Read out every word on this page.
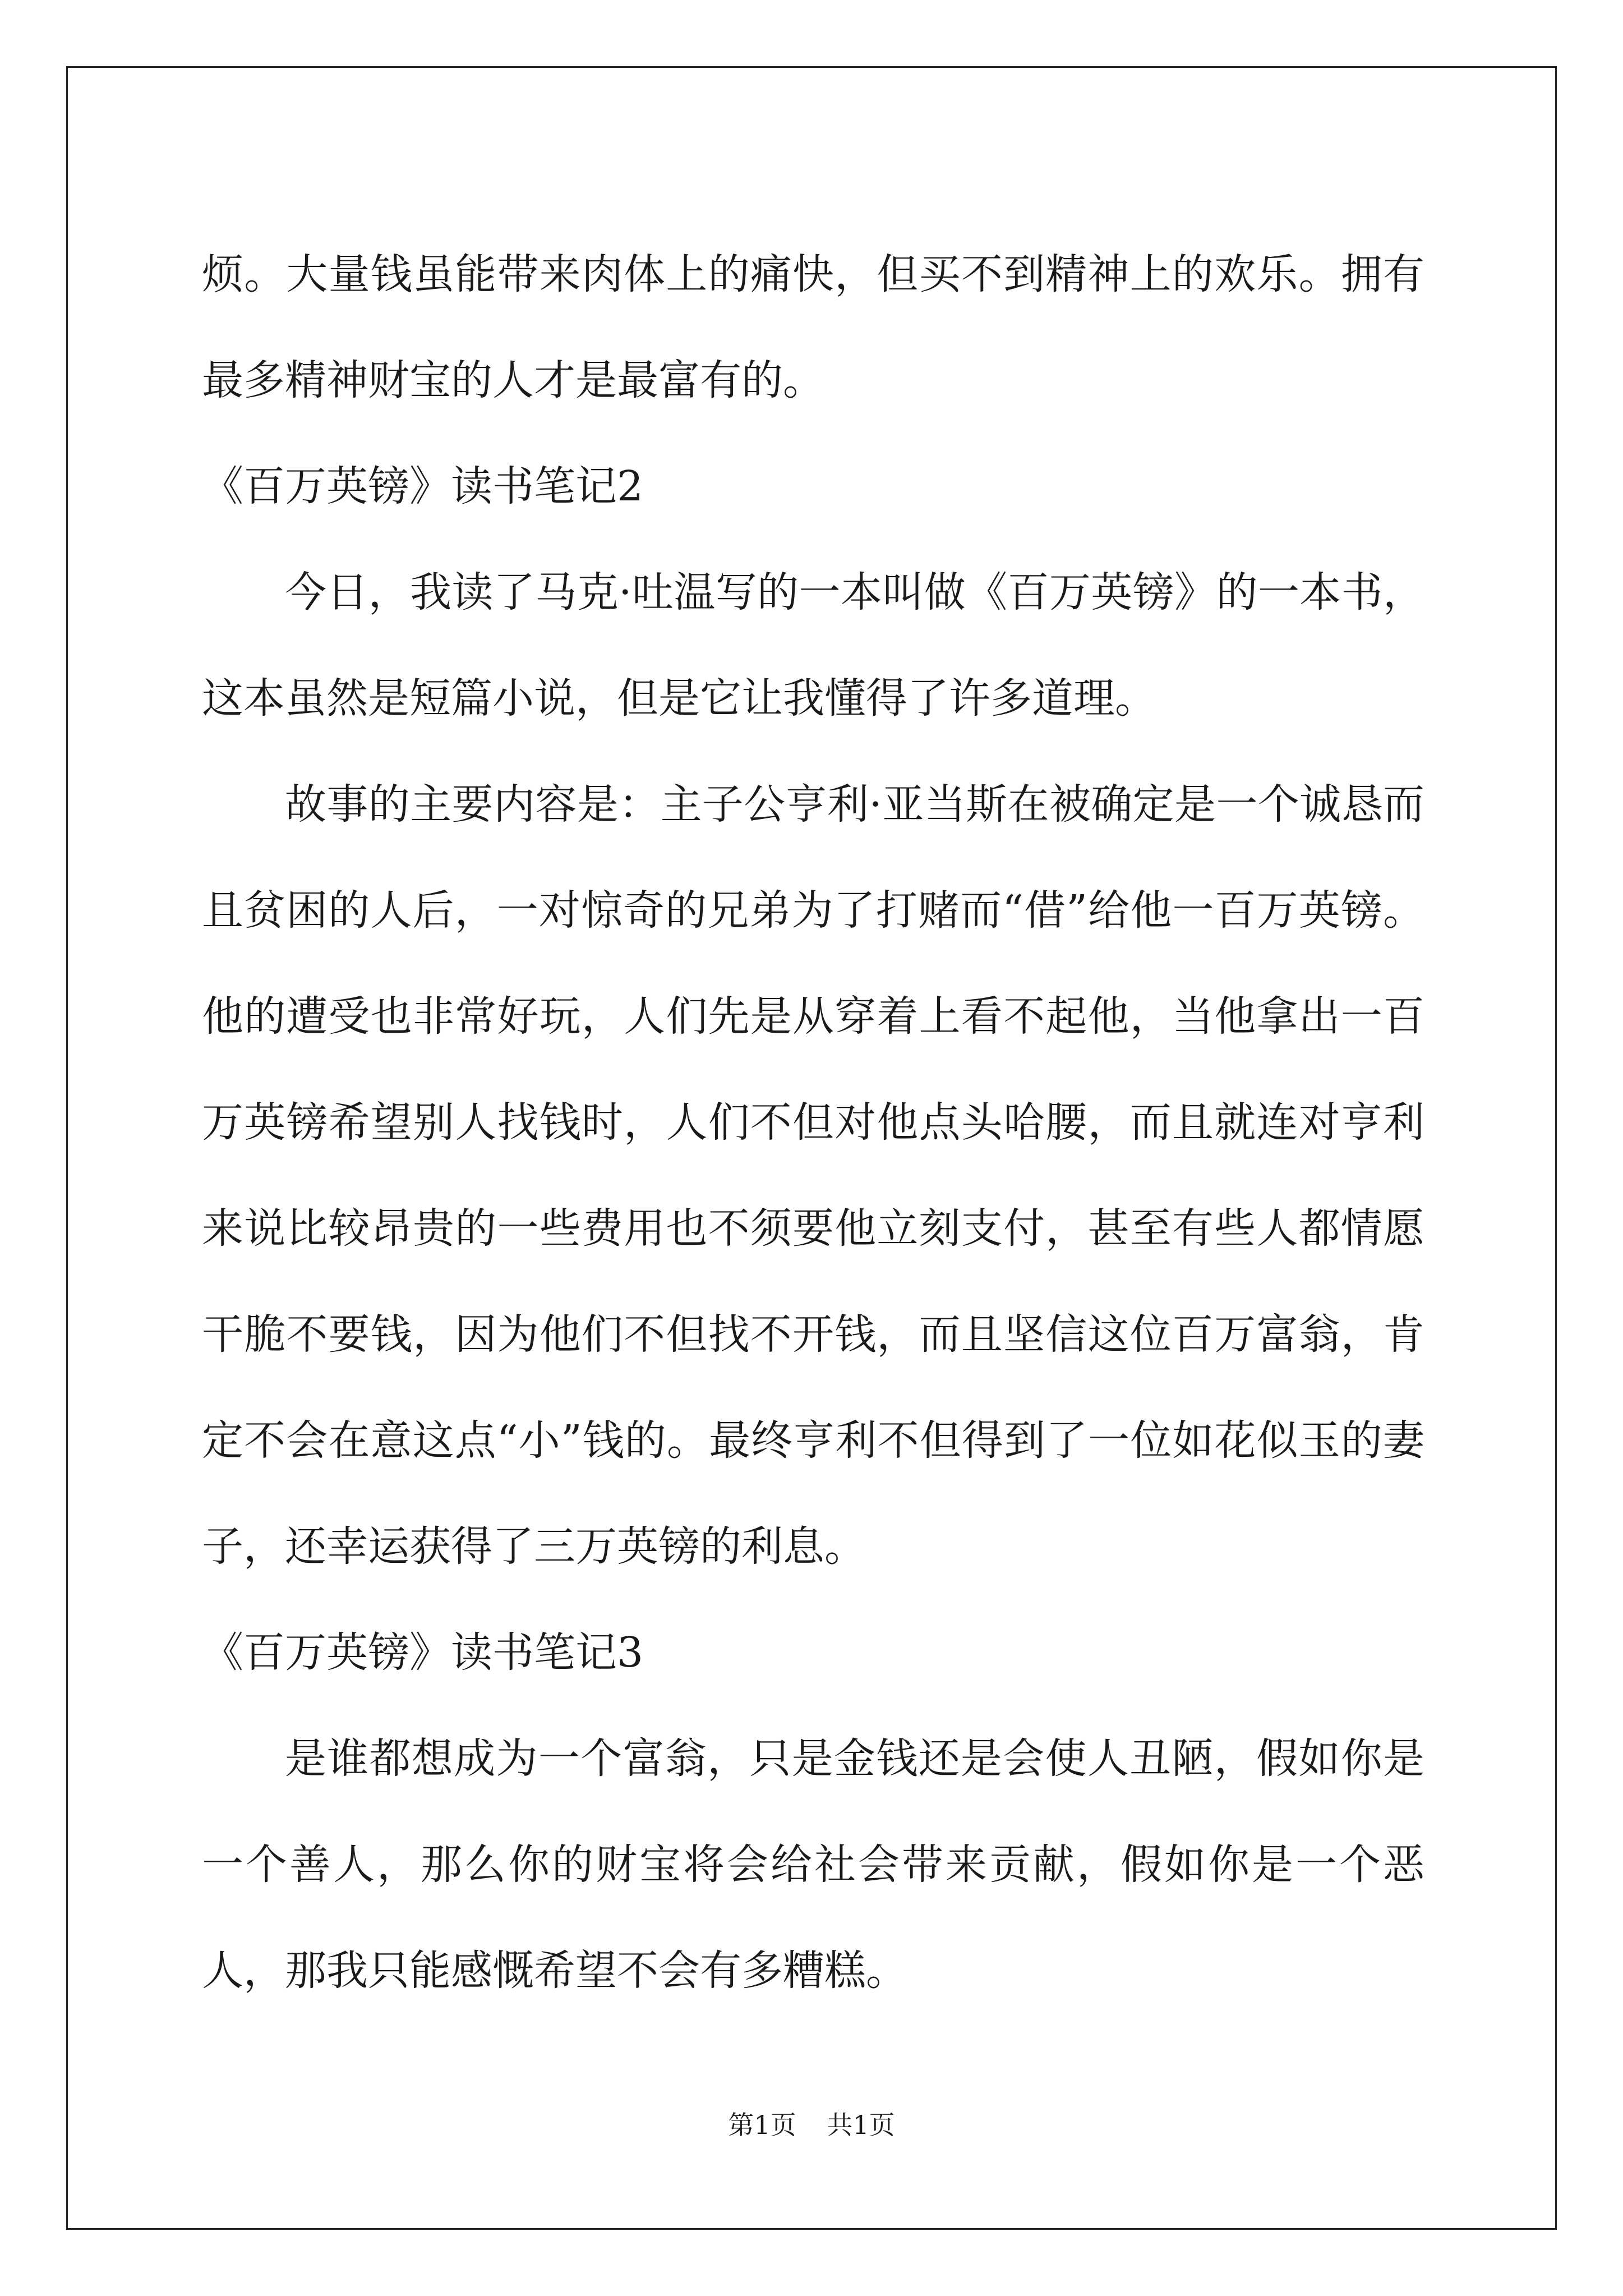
烦。大量钱虽能带来肉体上的痛快，但买不到精神上的欢乐。拥有最多精神财宝的人才是最富有的。

《百万英镑》读书笔记2

今日，我读了马克·吐温写的一本叫做《百万英镑》的一本书，这本虽然是短篇小说，但是它让我懂得了许多道理。

故事的主要内容是：主子公亨利·亚当斯在被确定是一个诚恳而且贫困的人后，一对惊奇的兄弟为了打赌而“借”给他一百万英镑。他的遭受也非常好玩，人们先是从穿着上看不起他，当他拿出一百万英镑希望别人找钱时，人们不但对他点头哈腰，而且就连对亨利来说比较昂贵的一些费用也不须要他立刻支付，甚至有些人都情愿干脆不要钱，因为他们不但找不开钱，而且坚信这位百万富翁，肯定不会在意这点“小”钱的。最终亨利不但得到了一位如花似玉的妻子，还幸运获得了三万英镑的利息。

《百万英镑》读书笔记3

是谁都想成为一个富翁，只是金钱还是会使人丑陋，假如你是一个善人，那么你的财宝将会给社会带来贡献，假如你是一个恶人，那我只能感慨希望不会有多糟糕。

第1页 共1页
